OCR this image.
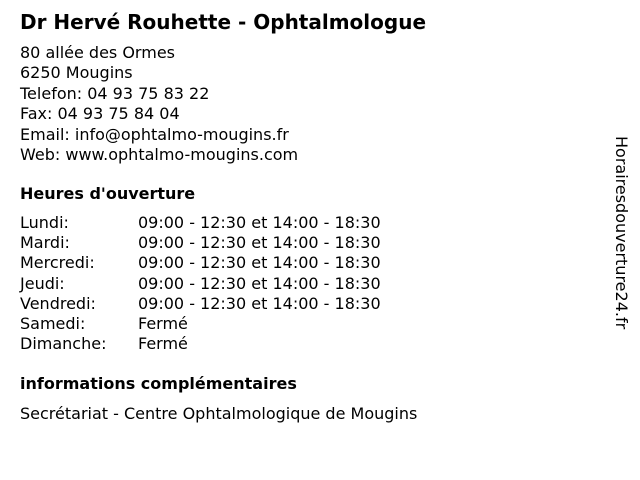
Dr Hervé Rouhette - Ophtalmologue
80 allée des Ormes
6250 Mougins
Telefon: 04 93 75 83 22
Fax: 04 93 75 84 04
Email: info@ophtalmo-mougins.fr
Web: www.ophtalmo-mougins.com
Heures d'ouverture
Lundi:	09:00 - 12:30 et 14:00 - 18:30
Mardi:	09:00 - 12:30 et 14:00 - 18:30
Mercredi:	09:00 - 12:30 et 14:00 - 18:30
Jeudi:	09:00 - 12:30 et 14:00 - 18:30
Vendredi:	09:00 - 12:30 et 14:00 - 18:30
Samedi:	Fermé
Dimanche:	Fermé
informations complémentaires
Secrétariat - Centre Ophtalmologique de Mougins
Horairesdouverture24.fr
